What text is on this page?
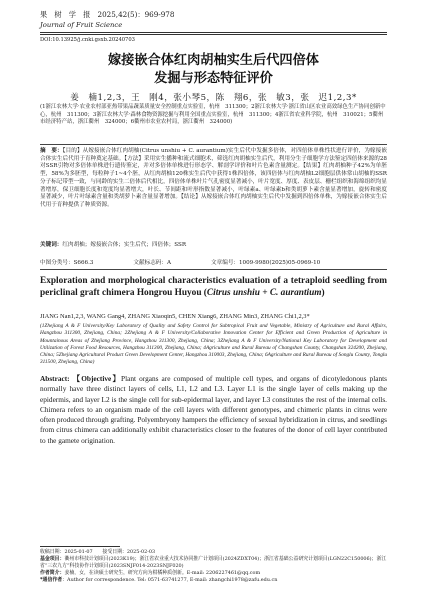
果　树　学　报　2025,42(5)：969-978
Journal of Fruit Science
DOI:10.13925/j.cnki.gsxb.20240703
嫁接嵌合体红肉胡柚实生后代四倍体
发掘与形态特征评价
姜　楠1,2,3，王　刚4，张小琴5，陈　翔6，张　敏3，张　迟1,2,3*
(1浙江农林大学·农业农村部亚热带果品蔬菜质量安全控制重点实验室，杭州　311300；2浙江农林大学·浙江省山区农业高效绿色生产协同创新中心，杭州　311300；3浙江农林大学·森林食物资源挖掘与利用全国重点实验室，杭州　311300；4浙江省农业科学院，杭州　310021；5衢州市经济特产站，浙江衢州　324000；6衢州市农业农村局，浙江衢州　324000)
摘　要：【目的】从嫁接嵌合体红肉胡柚(Citrus unshiu + C. aurantium)实生后代中发掘多倍体，对四倍体单株性状进行评价，为嫁接嵌合体实生后代用于育种奠定基础。【方法】采用实生播种和流式细胞术，筛选红肉胡柚实生后代，利用分生子细胞学方法鉴定四倍体来源的28对SSR引物对多倍体单株进行遗传鉴定，并对多倍体单株进行形态学、解剖学评价和叶片色素含量测定。【结果】红肉胡柚种子42%为单胚型，58%为多胚型，每粒种子1~4个胚，从红肉胡柚120株实生后代中获得1株四倍体，该四倍体与红肉胡柚L2细胞层供体常山胡柚的SSR分子标记带型一致，与同龄的实生二倍体后代相比，四倍体单株叶片气孔密度显著减小，叶片宽度、厚度、表皮层、栅栏组织和海绵组织均显著增厚，保卫细胞长度和宽度均显著增大，叶长、节间距和叶形指数显著减小，叶绿素a、叶绿素b和类胡萝卜素含量显著增加，旋转和密度显著减少，叶片叶绿素含量和类胡萝卜素含量显著增加。【结论】从嫁接嵌合体红肉胡柚实生后代中发掘到四倍体单株，为嫁接嵌合体实生后代用于育种提供了种质资源。
关键词：红肉胡柚；嫁接嵌合体；实生后代；四倍体；SSR
中图分类号：S666.3	文献标志码：A	文章编号：1009-9980(2025)05-0969-10
Exploration and morphological characteristics evaluation of a tetraploid seedling from periclinal graft chimera Hongrou Huyou (Citrus unshiu + C. aurantium)
JIANG Nan1,2,3, WANG Gang4, ZHANG Xiaoqin5, CHEN Xiang6, ZHANG Min3, ZHANG Chi1,2,3*
(1Zhejiang A & F University/Key Laboratory of Quality and Safety Control for Subtropical Fruit and Vegetable, Ministry of Agriculture and Rural Affairs, Hangzhou 311300, Zhejiang, China; 2Zhejiang A & F University/Collaborative Innovation Center for Efficient and Green Production of Agriculture in Mountainous Areas of Zhejiang Province, Hangzhou 311300, Zhejiang, China; 3Zhejiang A & F University/National Key Laboratory for Development and Utilization of Forest Food Resources, Hangzhou 311300, Zhejiang, China; 4Agriculture and Rural Bureau of Changshan County, Changshan 324200, Zhejiang, China; 5Zhejiang Agricultural Product Green Development Center, Hangzhou 310003, Zhejiang, China; 6Agriculture and Rural Bureau of Songlu County, Tonglu 311500, Zhejiang, China)
Abstract: 【Objective】Plant organs are composed of multiple cell types, and organs of dicotyledonous plants normally have three distinct layers of cells, L1, L2 and L3. Layer L1 is the single layer of cells making up the epidermis, and layer L2 is the single cell for sub-epidermal layer, and layer L3 constitutes the rest of the internal cells. Chimera refers to an organism made of the cell layers with different genotypes, and chimeric plants in citrus were often produced through grafting. Polyembryony hampers the efficiency of sexual hybridization in citrus, and seedlings from citrus chimera can additionally exhibit characteristics closer to the features of the donor of cell layer contributed to the gamete origination.
收稿日期：2025-01-07　　接受日期：2025-02-03
基金项目：衢州市科技计划项目(2023K19)；浙江省农业重大技术协同推广计划项目(2024ZDXT04)；浙江省基础公益研究计划项目(LGN22C150006)；浙江省“三农九方”科技协作计划项目(2023SNJF014-2023SNJF020)
作者简介：姜楠，女，在读硕士研究生，研究方向为柑橘种质创新。E-mail: 2206227461@qq.com
*通信作者：Author for correspondence. Tel: 0571-63741277, E-mail: zhangchi1978@zafu.edu.cn
